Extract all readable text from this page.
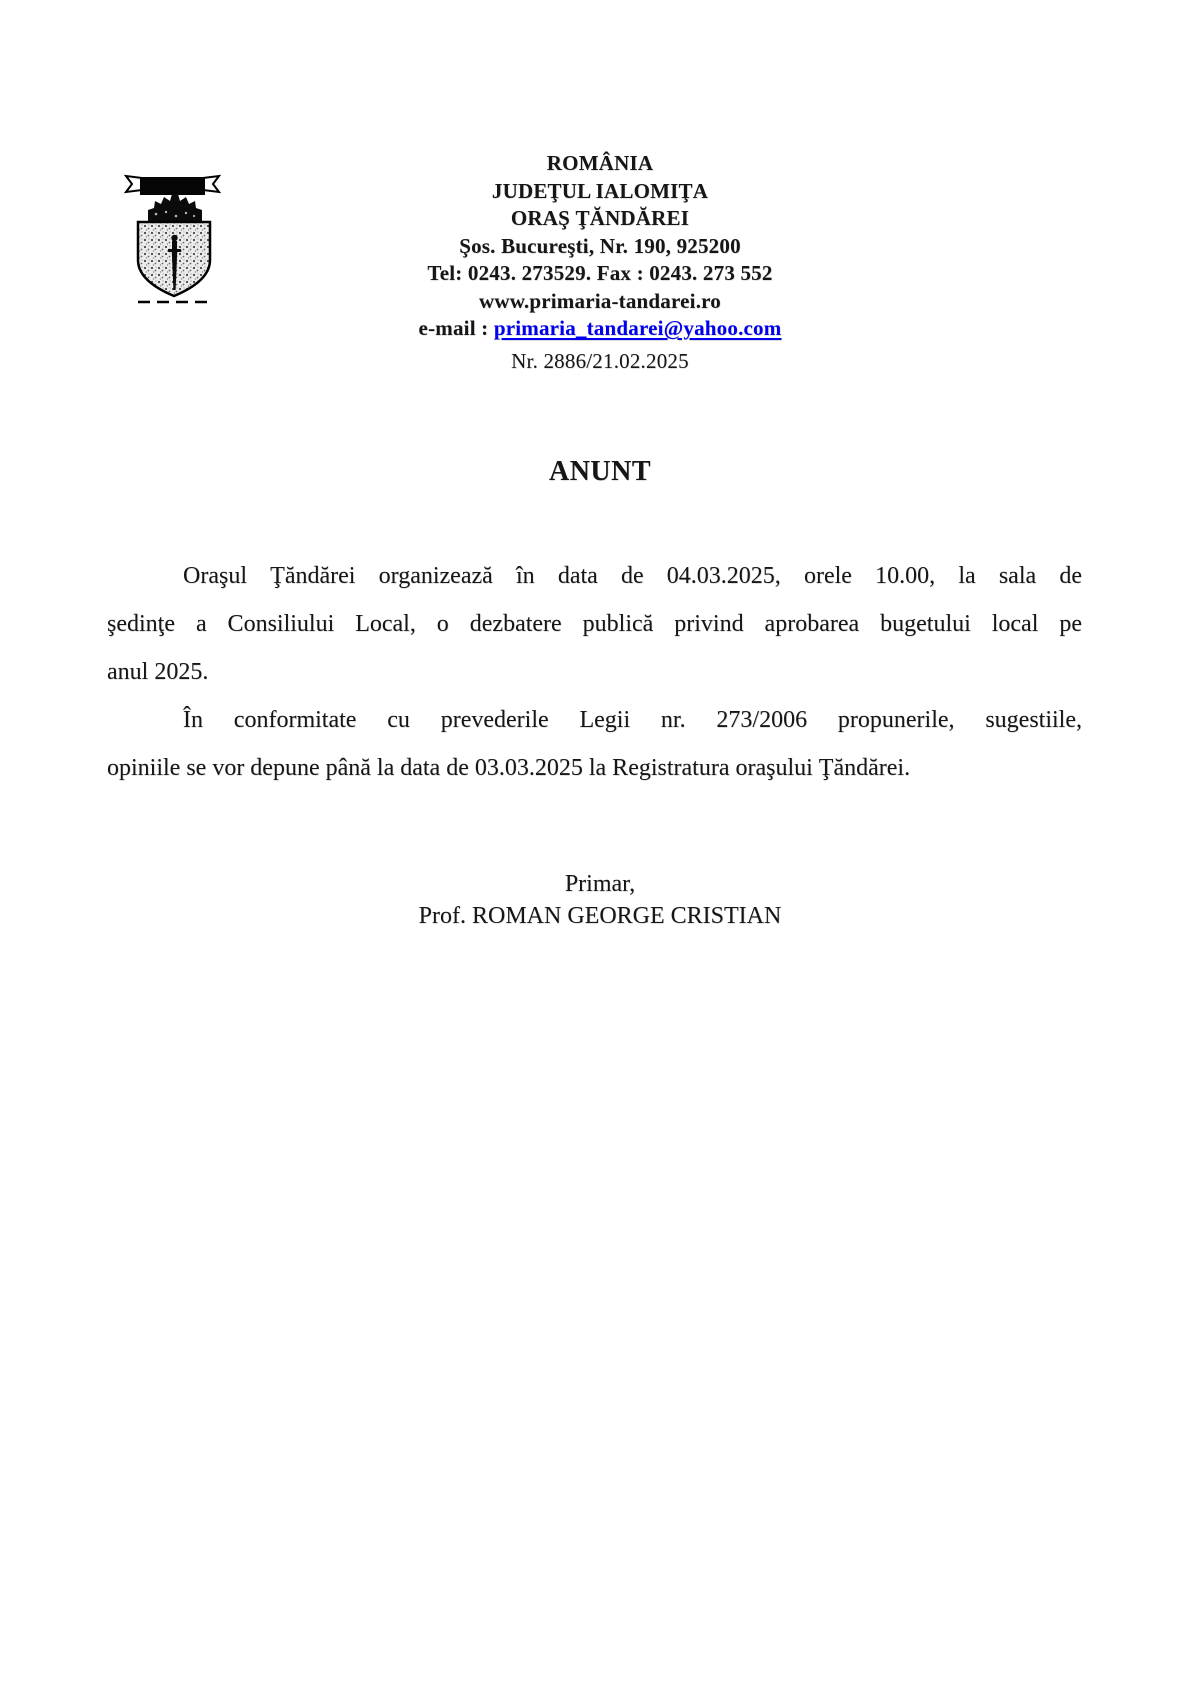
ROMÂNIA
JUDEŢUL IALOMIŢA
ORAŞ ŢĂNDĂREI
Şos. Bucureşti, Nr. 190, 925200
Tel: 0243. 273529. Fax : 0243. 273 552
www.primaria-tandarei.ro
e-mail : primaria_tandarei@yahoo.com
Nr. 2886/21.02.2025
ANUNT
Oraşul Ţăndărei organizează în data de 04.03.2025, orele 10.00, la sala de
şedinţe a Consiliului Local, o dezbatere publică privind aprobarea bugetului local pe
anul 2025.
În conformitate cu prevederile Legii nr. 273/2006 propunerile, sugestiile,
opiniile se vor depune până la data de 03.03.2025 la Registratura oraşului Ţăndărei.
Primar,
Prof. ROMAN GEORGE CRISTIAN
